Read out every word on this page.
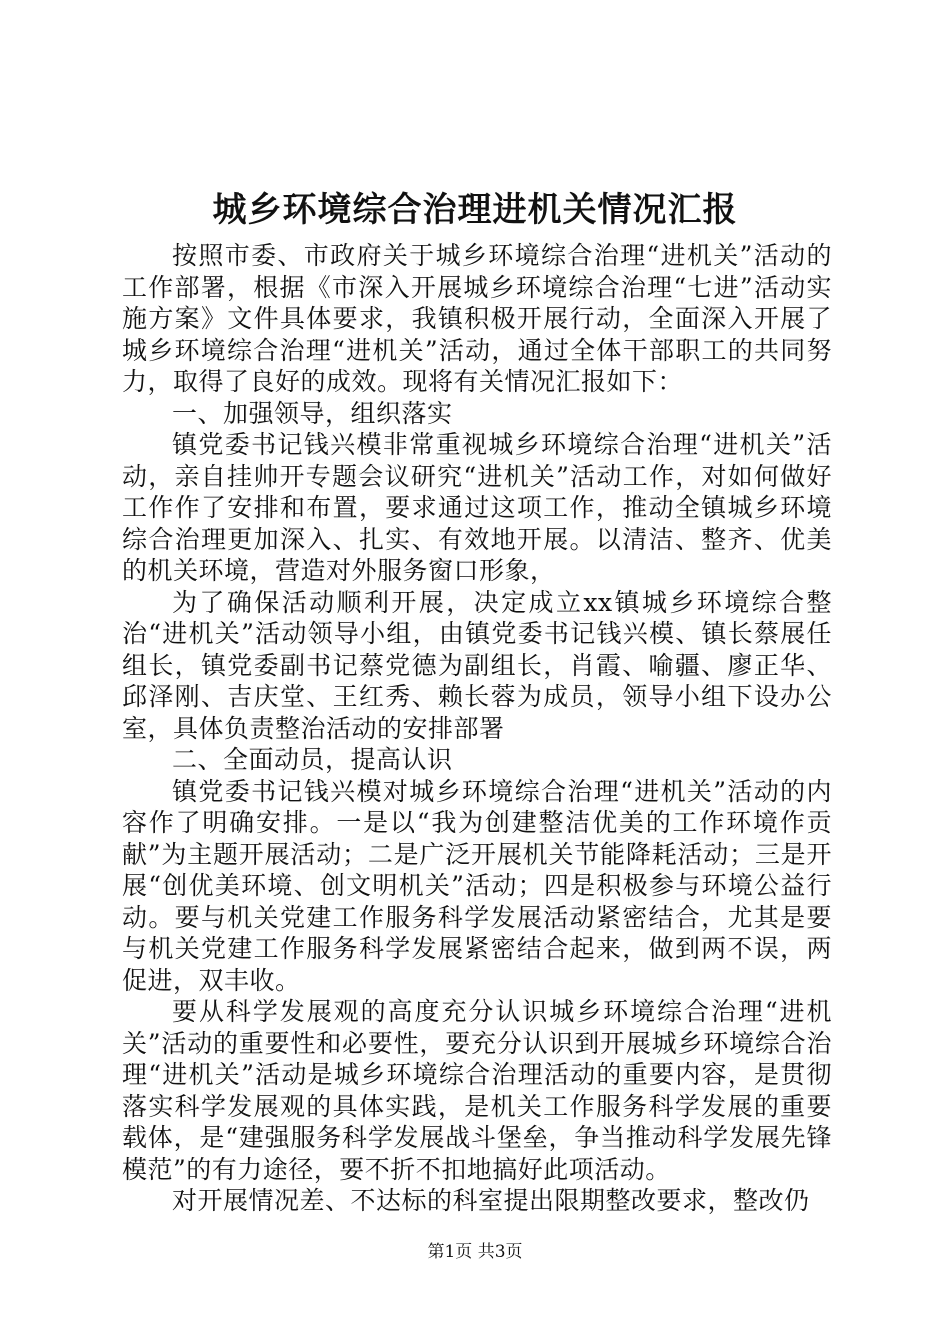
城乡环境综合治理进机关情况汇报

按照市委、市政府关于城乡环境综合治理“进机关”活动的工作部署，根据《市深入开展城乡环境综合治理“七进”活动实施方案》文件具体要求，我镇积极开展行动，全面深入开展了城乡环境综合治理“进机关”活动，通过全体干部职工的共同努力，取得了良好的成效。现将有关情况汇报如下：

一、加强领导，组织落实

镇党委书记钱兴模非常重视城乡环境综合治理“进机关”活动，亲自挂帅开专题会议研究“进机关”活动工作，对如何做好工作作了安排和布置，要求通过这项工作，推动全镇城乡环境综合治理更加深入、扎实、有效地开展。以清洁、整齐、优美的机关环境，营造对外服务窗口形象，

为了确保活动顺利开展，决定成立xx镇城乡环境综合整治“进机关”活动领导小组，由镇党委书记钱兴模、镇长蔡展任组长，镇党委副书记蔡党德为副组长，肖霞、喻疆、廖正华、邱泽刚、吉庆堂、王红秀、赖长蓉为成员，领导小组下设办公室，具体负责整治活动的安排部署

二、全面动员，提高认识

镇党委书记钱兴模对城乡环境综合治理“进机关”活动的内容作了明确安排。一是以“我为创建整洁优美的工作环境作贡献”为主题开展活动；二是广泛开展机关节能降耗活动；三是开展“创优美环境、创文明机关”活动；四是积极参与环境公益行动。要与机关党建工作服务科学发展活动紧密结合，尤其是要与机关党建工作服务科学发展紧密结合起来，做到两不误，两促进，双丰收。

要从科学发展观的高度充分认识城乡环境综合治理“进机关”活动的重要性和必要性，要充分认识到开展城乡环境综合治理“进机关”活动是城乡环境综合治理活动的重要内容，是贯彻落实科学发展观的具体实践，是机关工作服务科学发展的重要载体，是“建强服务科学发展战斗堡垒，争当推动科学发展先锋模范”的有力途径，要不折不扣地搞好此项活动。

对开展情况差、不达标的科室提出限期整改要求，整改仍

第1页 共3页
